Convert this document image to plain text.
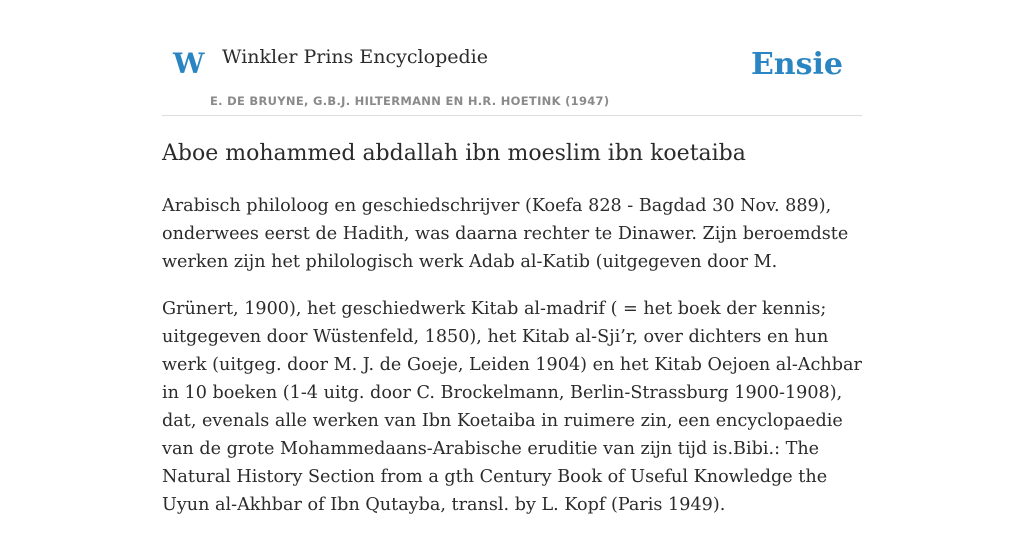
W Winkler Prins Encyclopedie
E. DE BRUYNE, G.B.J. HILTERMANN EN H.R. HOETINK (1947)
Ensie
Aboe mohammed abdallah ibn moeslim ibn koetaiba

Arabisch philoloog en geschiedschrijver (Koefa 828 - Bagdad 30 Nov. 889), onderwees eerst de Hadith, was daarna rechter te Dinawer. Zijn beroemdste werken zijn het philologisch werk Adab al-Katib (uitgegeven door M.

Grünert, 1900), het geschiedwerk Kitab al-madrif ( = het boek der kennis; uitgegeven door Wüstenfeld, 1850), het Kitab al-Sji’r, over dichters en hun werk (uitgeg. door M. J. de Goeje, Leiden 1904) en het Kitab Oejoen al-Achbar in 10 boeken (1-4 uitg. door C. Brockelmann, Berlin-Strassburg 1900-1908), dat, evenals alle werken van Ibn Koetaiba in ruimere zin, een encyclopaedie van de grote Mohammedaans-Arabische eruditie van zijn tijd is.Bibi.: The Natural History Section from a gth Century Book of Useful Knowledge the Uyun al-Akhbar of Ibn Qutayba, transl. by L. Kopf (Paris 1949).
